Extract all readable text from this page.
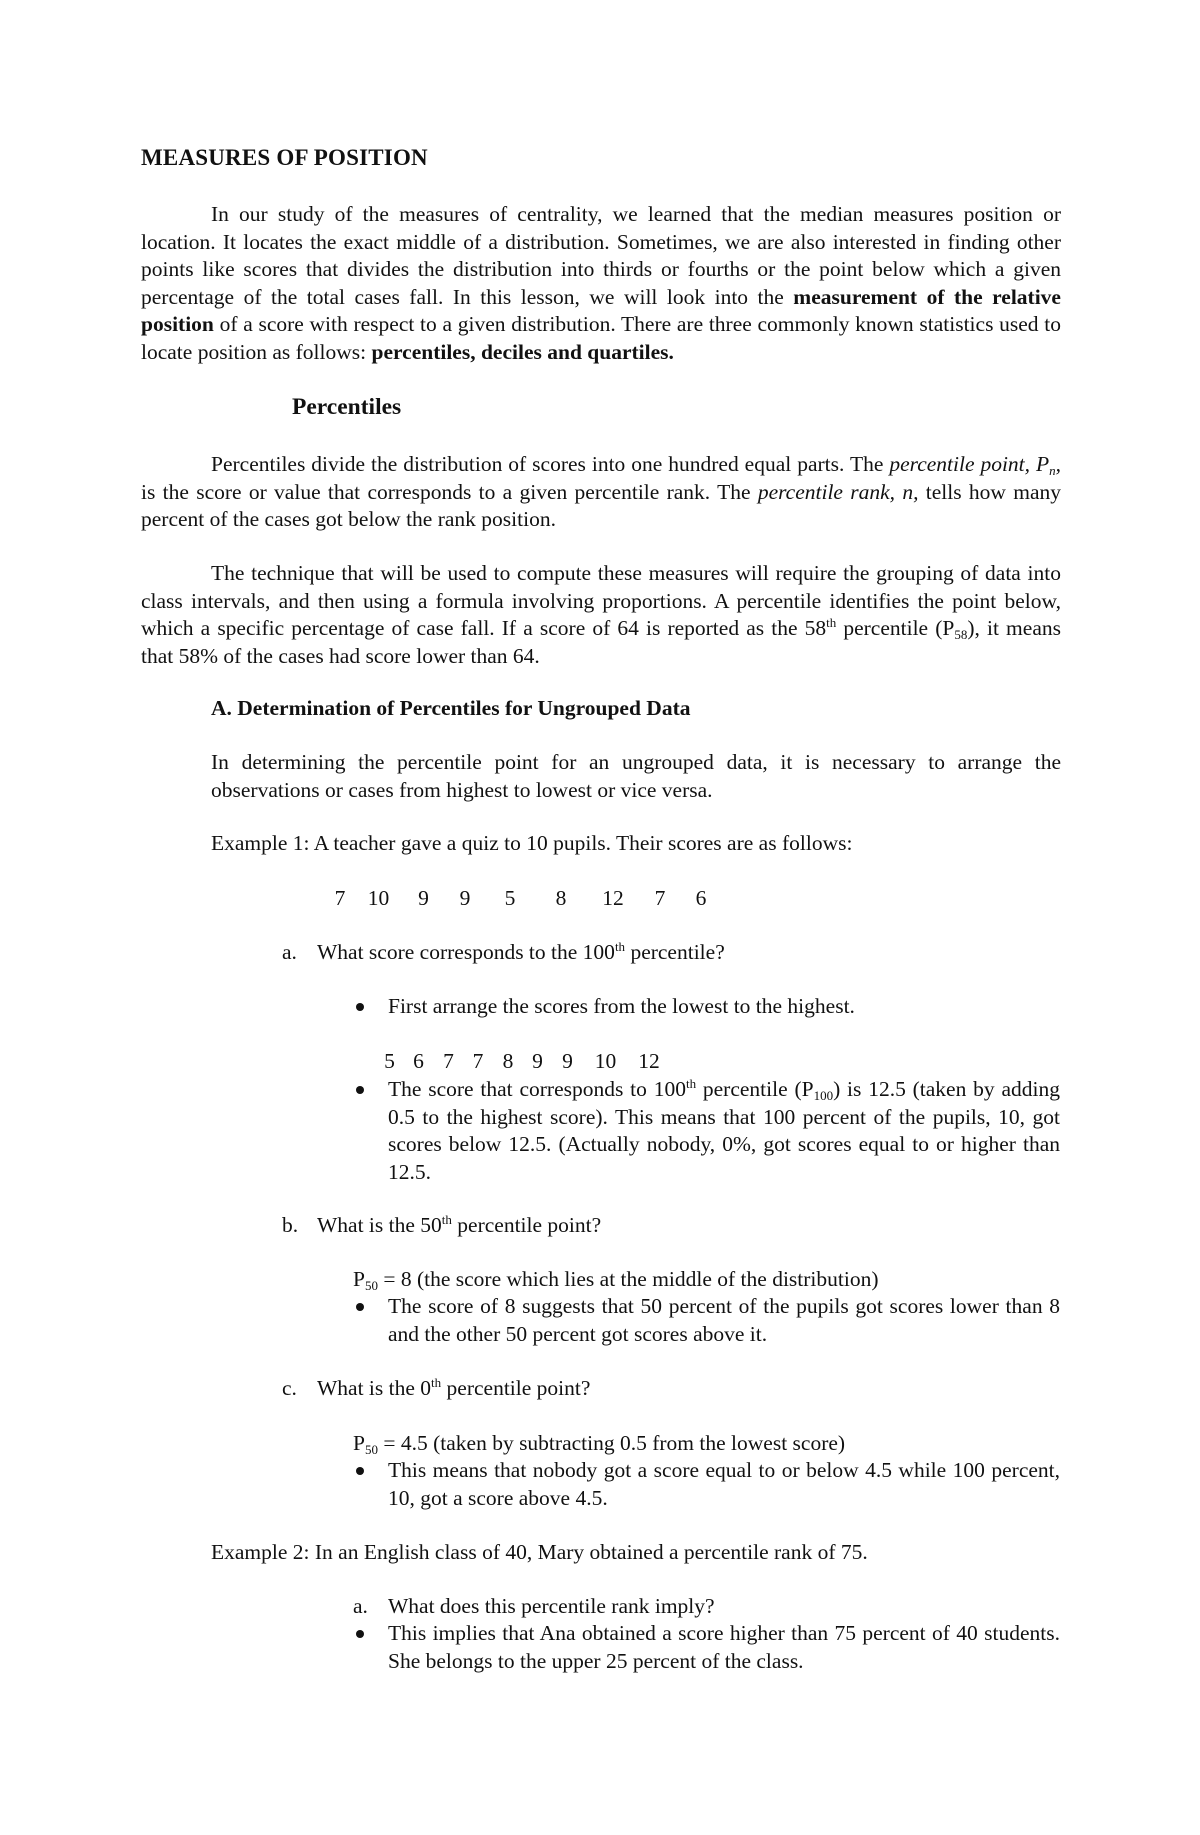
MEASURES OF POSITION

In our study of the measures of centrality, we learned that the median measures position or location. It locates the exact middle of a distribution. Sometimes, we are also interested in finding other points like scores that divides the distribution into thirds or fourths or the point below which a given percentage of the total cases fall. In this lesson, we will look into the measurement of the relative position of a score with respect to a given distribution. There are three commonly known statistics used to locate position as follows: percentiles, deciles and quartiles.

Percentiles

Percentiles divide the distribution of scores into one hundred equal parts. The percentile point, $P_n$, is the score or value that corresponds to a given percentile rank. The percentile rank, n, tells how many percent of the cases got below the rank position.

The technique that will be used to compute these measures will require the grouping of data into class intervals, and then using a formula involving proportions. A percentile identifies the point below, which a specific percentage of case fall. If a score of 64 is reported as the 58th percentile $(P_{58})$, it means that 58% of the cases had score lower than 64.

A. Determination of Percentiles for Ungrouped Data

In determining the percentile point for an ungrouped data, it is necessary to arrange the observations or cases from highest to lowest or vice versa.

Example 1: A teacher gave a quiz to 10 pupils. Their scores are as follows:

7 10 9 9 5 8 12 7 6
a. What score corresponds to the 100th percentile?

First arrange the scores from the lowest to the highest.

5 6 7 7 8 9 9 10 12

The score that corresponds to 100th percentile $(P_{100})$ is 12.5 (taken by adding 0.5 to the highest score). This means that 100 percent of the pupils, 10, got scores below 12.5. (Actually nobody, 0%, got scores equal to or higher than 12.5.

b. What is the 50th percentile point?

$P_{50} = 8$ (the score which lies at the middle of the distribution)

The score of 8 suggests that 50 percent of the pupils got scores lower than 8 and the other 50 percent got scores above it.

c. What is the 0th percentile point?

$P_{50} = 4.5$ (taken by subtracting 0.5 from the lowest score)

This means that nobody got a score equal to or below 4.5 while 100 percent, 10, got a score above 4.5.

Example 2: In an English class of 40, Mary obtained a percentile rank of 75.

a. What does this percentile rank imply?

This implies that Ana obtained a score higher than 75 percent of 40 students. She belongs to the upper 25 percent of the class.
